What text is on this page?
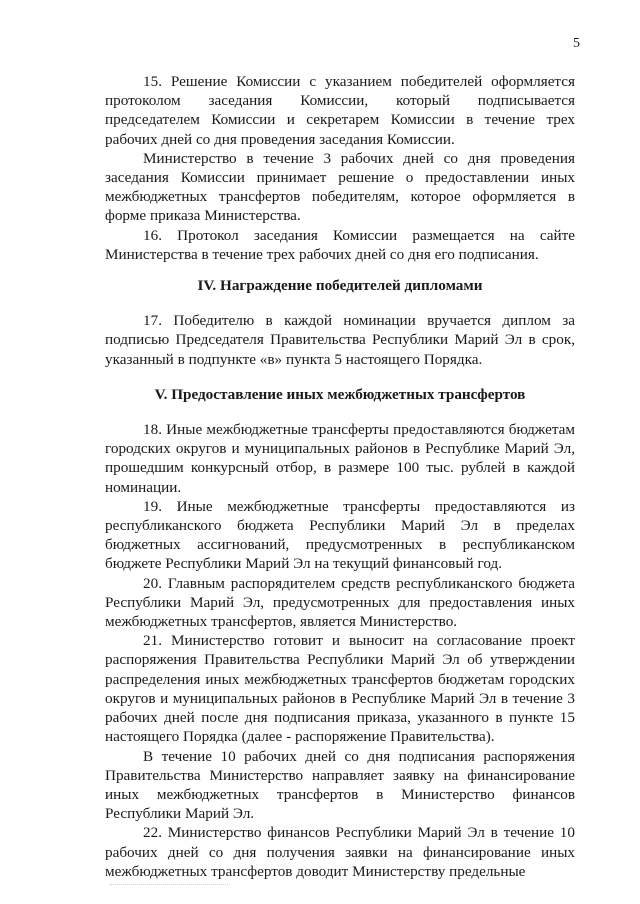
5

15. Решение Комиссии с указанием победителей оформляется протоколом заседания Комиссии, который подписывается председателем Комиссии и секретарем Комиссии в течение трех рабочих дней со дня проведения заседания Комиссии.

Министерство в течение 3 рабочих дней со дня проведения заседания Комиссии принимает решение о предоставлении иных межбюджетных трансфертов победителям, которое оформляется в форме приказа Министерства.

16. Протокол заседания Комиссии размещается на сайте Министерства в течение трех рабочих дней со дня его подписания.

IV. Награждение победителей дипломами

17. Победителю в каждой номинации вручается диплом за подписью Председателя Правительства Республики Марий Эл в срок, указанный в подпункте «в» пункта 5 настоящего Порядка.

V. Предоставление иных межбюджетных трансфертов

18. Иные межбюджетные трансферты предоставляются бюджетам городских округов и муниципальных районов в Республике Марий Эл, прошедшим конкурсный отбор, в размере 100 тыс. рублей в каждой номинации.

19. Иные межбюджетные трансферты предоставляются из республиканского бюджета Республики Марий Эл в пределах бюджетных ассигнований, предусмотренных в республиканском бюджете Республики Марий Эл на текущий финансовый год.

20. Главным распорядителем средств республиканского бюджета Республики Марий Эл, предусмотренных для предоставления иных межбюджетных трансфертов, является Министерство.

21. Министерство готовит и выносит на согласование проект распоряжения Правительства Республики Марий Эл об утверждении распределения иных межбюджетных трансфертов бюджетам городских округов и муниципальных районов в Республике Марий Эл в течение 3 рабочих дней после дня подписания приказа, указанного в пункте 15 настоящего Порядка (далее - распоряжение Правительства).

В течение 10 рабочих дней со дня подписания распоряжения Правительства Министерство направляет заявку на финансирование иных межбюджетных трансфертов в Министерство финансов Республики Марий Эл.

22. Министерство финансов Республики Марий Эл в течение 10 рабочих дней со дня получения заявки на финансирование иных межбюджетных трансфертов доводит Министерству предельные
